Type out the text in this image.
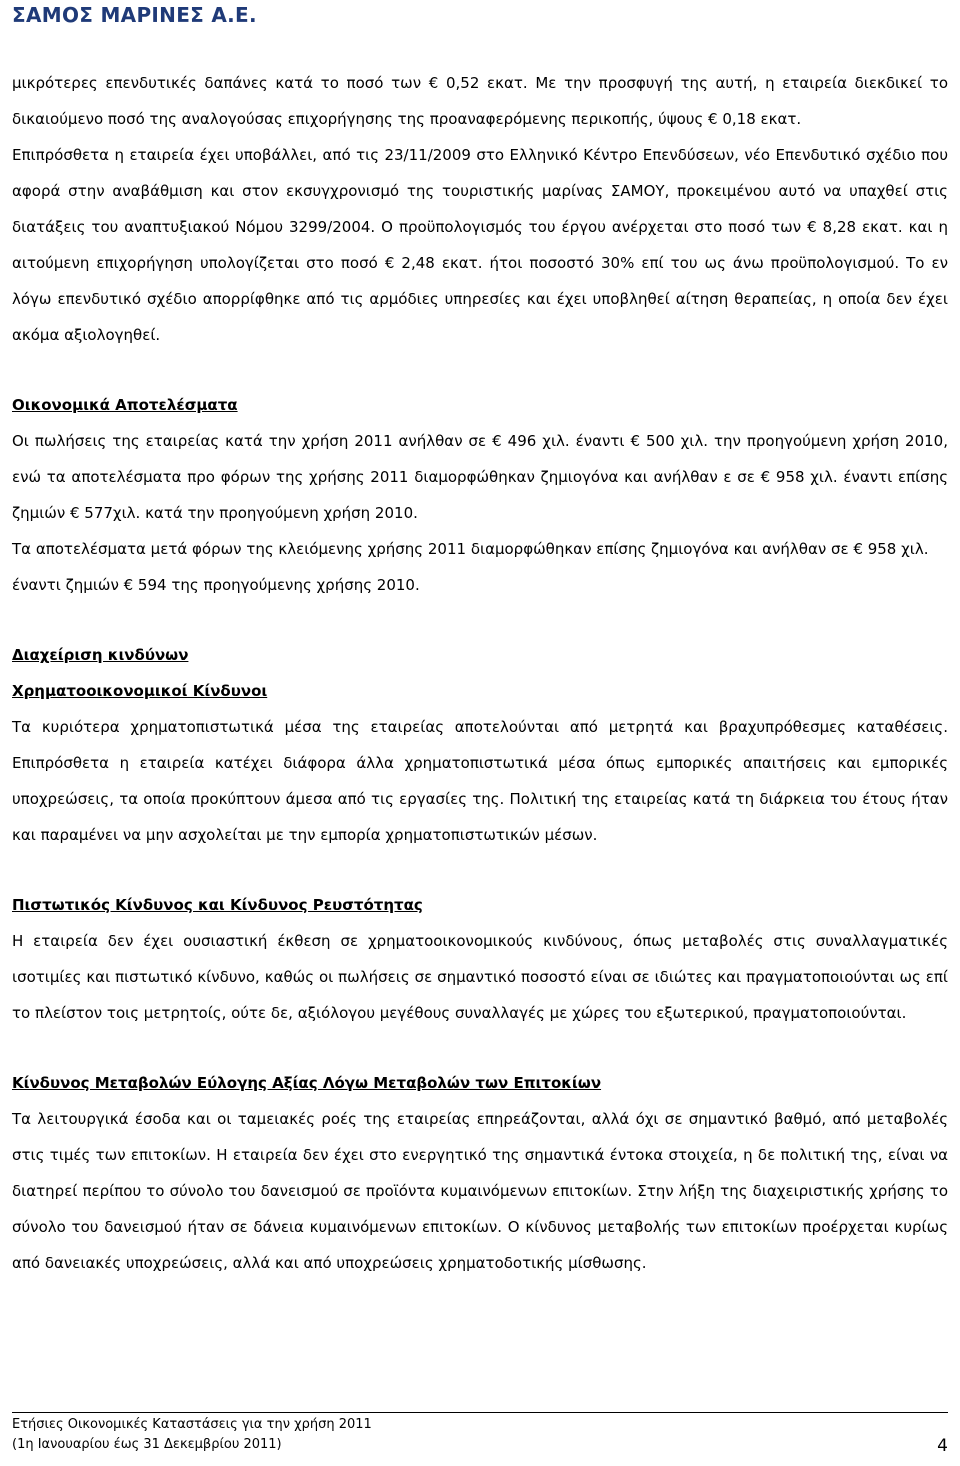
ΣΑΜΟΣ ΜΑΡΙΝΕΣ Α.Ε.

μικρότερες επενδυτικές δαπάνες κατά το ποσό των € 0,52 εκατ. Με την προσφυγή της αυτή, η εταιρεία διεκδικεί το δικαιούμενο ποσό της αναλογούσας επιχορήγησης της προαναφερόμενης περικοπής, ύψους € 0,18 εκατ.

Επιπρόσθετα η εταιρεία έχει υποβάλλει, από τις 23/11/2009 στο Ελληνικό Κέντρο Επενδύσεων, νέο Επενδυτικό σχέδιο που αφορά στην αναβάθμιση και στον εκσυγχρονισμό της τουριστικής μαρίνας ΣΑΜΟΥ, προκειμένου αυτό να υπαχθεί στις διατάξεις του αναπτυξιακού Νόμου 3299/2004. Ο προϋπολογισμός του έργου ανέρχεται στο ποσό των € 8,28 εκατ. και η αιτούμενη επιχορήγηση υπολογίζεται στο ποσό € 2,48 εκατ. ήτοι ποσοστό 30% επί του ως άνω προϋπολογισμού. Το εν λόγω επενδυτικό σχέδιο απορρίφθηκε από τις αρμόδιες υπηρεσίες και έχει υποβληθεί αίτηση θεραπείας, η οποία δεν έχει ακόμα αξιολογηθεί.

Οικονομικά Αποτελέσματα

Οι πωλήσεις της εταιρείας κατά την χρήση 2011 ανήλθαν σε € 496 χιλ. έναντι € 500 χιλ. την προηγούμενη χρήση 2010, ενώ τα αποτελέσματα προ φόρων της χρήσης 2011 διαμορφώθηκαν ζημιογόνα και ανήλθαν ε σε € 958 χιλ. έναντι επίσης ζημιών € 577χιλ. κατά την προηγούμενη χρήση 2010.

Τα αποτελέσματα μετά φόρων της κλειόμενης χρήσης 2011 διαμορφώθηκαν επίσης ζημιογόνα και ανήλθαν σε € 958 χιλ. έναντι ζημιών € 594 της προηγούμενης χρήσης 2010.

Διαχείριση κινδύνων

Χρηματοοικονομικοί Κίνδυνοι

Τα κυριότερα χρηματοπιστωτικά μέσα της εταιρείας αποτελούνται από μετρητά και βραχυπρόθεσμες καταθέσεις. Επιπρόσθετα η εταιρεία κατέχει διάφορα άλλα χρηματοπιστωτικά μέσα όπως εμπορικές απαιτήσεις και εμπορικές υποχρεώσεις, τα οποία προκύπτουν άμεσα από τις εργασίες της. Πολιτική της εταιρείας κατά τη διάρκεια του έτους ήταν και παραμένει να μην ασχολείται με την εμπορία χρηματοπιστωτικών μέσων.

Πιστωτικός Κίνδυνος και Κίνδυνος Ρευστότητας

Η εταιρεία δεν έχει ουσιαστική έκθεση σε χρηματοοικονομικούς κινδύνους, όπως μεταβολές στις συναλλαγματικές ισοτιμίες και πιστωτικό κίνδυνο, καθώς οι πωλήσεις σε σημαντικό ποσοστό είναι σε ιδιώτες και πραγματοποιούνται ως επί το πλείστον τοις μετρητοίς, ούτε δε, αξιόλογου μεγέθους συναλλαγές με χώρες του εξωτερικού, πραγματοποιούνται.

Κίνδυνος Μεταβολών Εύλογης Αξίας Λόγω Μεταβολών των Επιτοκίων

Τα λειτουργικά έσοδα και οι ταμειακές ροές της εταιρείας επηρεάζονται, αλλά όχι σε σημαντικό βαθμό, από μεταβολές στις τιμές των επιτοκίων. Η εταιρεία δεν έχει στο ενεργητικό της σημαντικά έντοκα στοιχεία, η δε πολιτική της, είναι να διατηρεί περίπου το σύνολο του δανεισμού σε προϊόντα κυμαινόμενων επιτοκίων. Στην λήξη της διαχειριστικής χρήσης το σύνολο του δανεισμού ήταν σε δάνεια κυμαινόμενων επιτοκίων. Ο κίνδυνος μεταβολής των επιτοκίων προέρχεται κυρίως από δανειακές υποχρεώσεις, αλλά και από υποχρεώσεις χρηματοδοτικής μίσθωσης.

Ετήσιες Οικονομικές Καταστάσεις για την χρήση 2011

(1η Ιανουαρίου έως 31 Δεκεμβρίου 2011)	4
